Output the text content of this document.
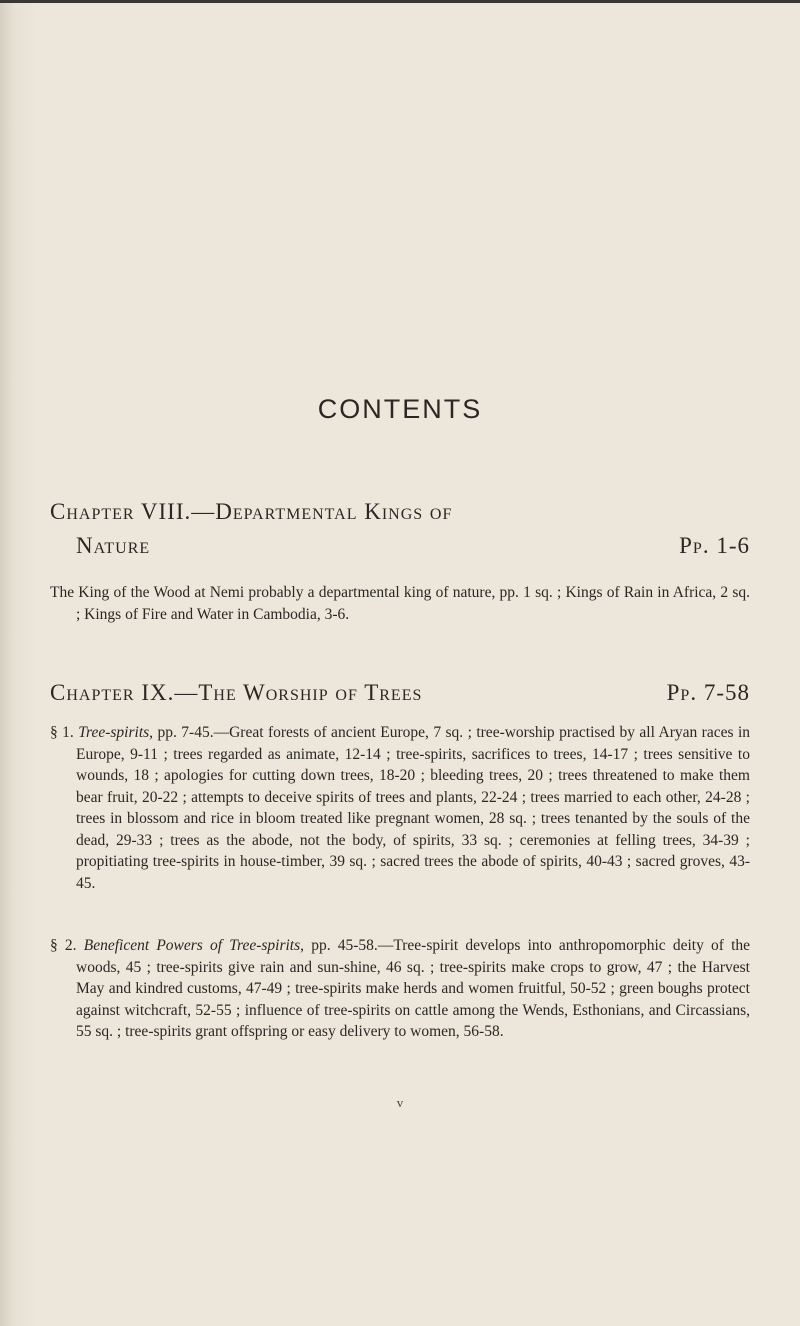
CONTENTS
Chapter VIII.—Departmental Kings of
Nature	Pp. 1-6
The King of the Wood at Nemi probably a departmental king of nature, pp. 1 sq. ; Kings of Rain in Africa, 2 sq. ; Kings of Fire and Water in Cambodia, 3-6.
Chapter IX.—The Worship of Trees	Pp. 7-58
§ 1. Tree-spirits, pp. 7-45.—Great forests of ancient Europe, 7 sq. ; tree-worship practised by all Aryan races in Europe, 9-11 ; trees regarded as animate, 12-14 ; tree-spirits, sacrifices to trees, 14-17 ; trees sensitive to wounds, 18 ; apologies for cutting down trees, 18-20 ; bleeding trees, 20 ; trees threatened to make them bear fruit, 20-22 ; attempts to deceive spirits of trees and plants, 22-24 ; trees married to each other, 24-28 ; trees in blossom and rice in bloom treated like pregnant women, 28 sq. ; trees tenanted by the souls of the dead, 29-33 ; trees as the abode, not the body, of spirits, 33 sq. ; ceremonies at felling trees, 34-39 ; propitiating tree-spirits in house-timber, 39 sq. ; sacred trees the abode of spirits, 40-43 ; sacred groves, 43-45.
§ 2. Beneficent Powers of Tree-spirits, pp. 45-58.—Tree-spirit develops into anthropomorphic deity of the woods, 45 ; tree-spirits give rain and sun-shine, 46 sq. ; tree-spirits make crops to grow, 47 ; the Harvest May and kindred customs, 47-49 ; tree-spirits make herds and women fruitful, 50-52 ; green boughs protect against witchcraft, 52-55 ; influence of tree-spirits on cattle among the Wends, Esthonians, and Circassians, 55 sq. ; tree-spirits grant offspring or easy delivery to women, 56-58.
v
